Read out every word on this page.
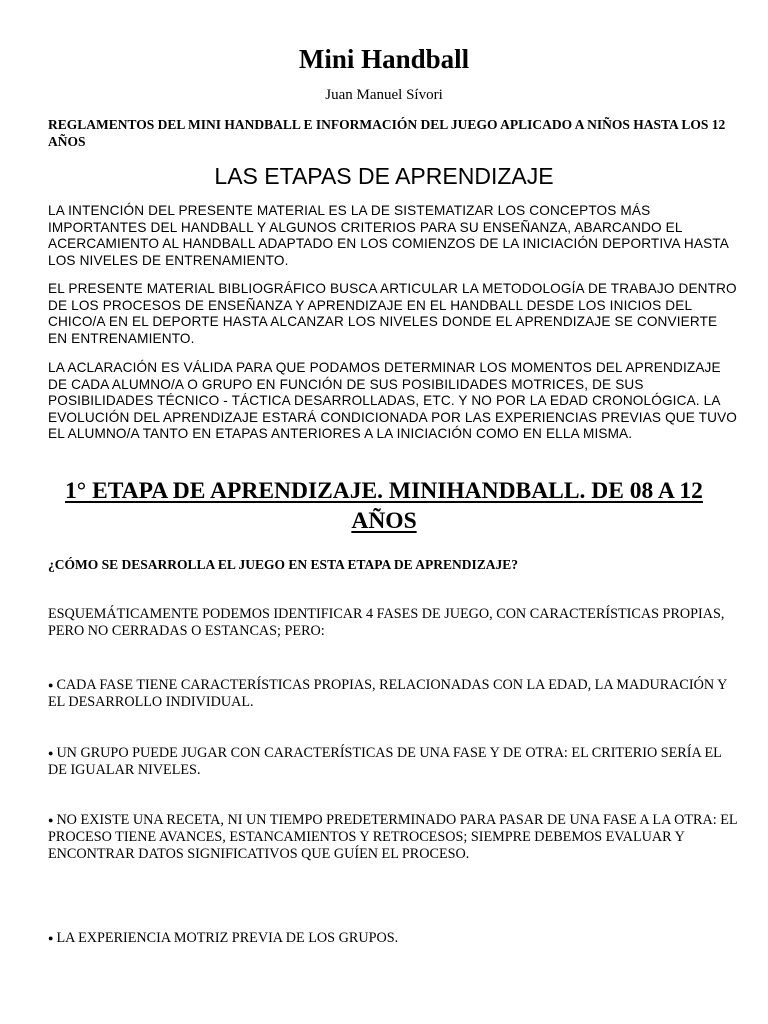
Mini Handball
Juan Manuel Sívori
REGLAMENTOS DEL MINI HANDBALL E INFORMACIÓN DEL JUEGO APLICADO A NIÑOS HASTA LOS 12 AÑOS
LAS ETAPAS DE APRENDIZAJE
LA INTENCIÓN DEL PRESENTE MATERIAL ES LA DE SISTEMATIZAR LOS CONCEPTOS MÁS IMPORTANTES DEL HANDBALL Y ALGUNOS CRITERIOS PARA SU ENSEÑANZA, ABARCANDO EL ACERCAMIENTO AL HANDBALL ADAPTADO EN LOS COMIENZOS DE LA INICIACIÓN DEPORTIVA HASTA LOS NIVELES DE ENTRENAMIENTO.
EL PRESENTE MATERIAL BIBLIOGRÁFICO BUSCA ARTICULAR LA METODOLOGÍA DE TRABAJO DENTRO DE LOS PROCESOS DE ENSEÑANZA Y APRENDIZAJE EN EL HANDBALL DESDE LOS INICIOS DEL CHICO/A EN EL DEPORTE HASTA ALCANZAR LOS NIVELES DONDE EL APRENDIZAJE SE CONVIERTE EN ENTRENAMIENTO.
LA ACLARACIÓN ES VÁLIDA PARA QUE PODAMOS DETERMINAR LOS MOMENTOS DEL APRENDIZAJE DE CADA ALUMNO/A O GRUPO EN FUNCIÓN DE SUS POSIBILIDADES MOTRICES, DE SUS POSIBILIDADES TÉCNICO - TÁCTICA DESARROLLADAS, ETC. Y NO POR LA EDAD CRONOLÓGICA. LA EVOLUCIÓN DEL APRENDIZAJE ESTARÁ CONDICIONADA POR LAS EXPERIENCIAS PREVIAS QUE TUVO EL ALUMNO/A TANTO EN ETAPAS ANTERIORES A LA INICIACIÓN COMO EN ELLA MISMA.
1° ETAPA DE APRENDIZAJE. MINIHANDBALL. DE 08 A 12 AÑOS
¿CÓMO SE DESARROLLA EL JUEGO EN ESTA ETAPA DE APRENDIZAJE?
ESQUEMÁTICAMENTE PODEMOS IDENTIFICAR 4 FASES DE JUEGO, CON CARACTERÍSTICAS PROPIAS, PERO NO CERRADAS O ESTANCAS; PERO:
● CADA FASE TIENE CARACTERÍSTICAS PROPIAS, RELACIONADAS CON LA EDAD, LA MADURACIÓN Y EL DESARROLLO INDIVIDUAL.
● UN GRUPO PUEDE JUGAR CON CARACTERÍSTICAS DE UNA FASE Y DE OTRA: EL CRITERIO SERÍA EL DE IGUALAR NIVELES.
● NO EXISTE UNA RECETA, NI UN TIEMPO PREDETERMINADO PARA PASAR DE UNA FASE A LA OTRA: EL PROCESO TIENE AVANCES, ESTANCAMIENTOS Y RETROCESOS; SIEMPRE DEBEMOS EVALUAR Y ENCONTRAR DATOS SIGNIFICATIVOS QUE GUÍEN EL PROCESO.
● LA EXPERIENCIA MOTRIZ PREVIA DE LOS GRUPOS.
